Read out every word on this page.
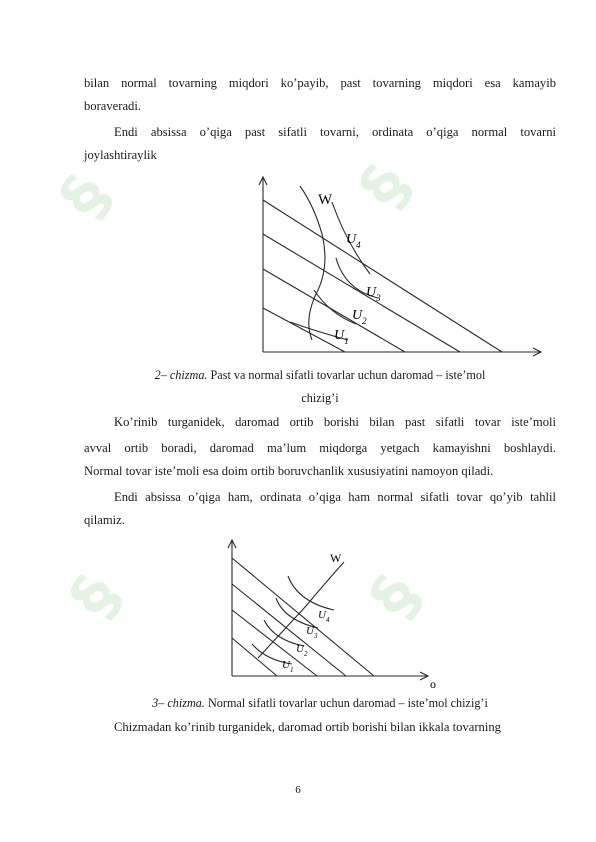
§	§
§	§

bilan normal tovarning miqdori ko’payib, past tovarning miqdori esa kamayib

boraveradi.

Endi absissa o’qiga past sifatli tovarni, ordinata o’qiga normal tovarni

joylashtiraylik

W
$U_4$
$U_3$
$U_2$
$U_1$

2– chizma. Past va normal sifatli tovarlar uchun daromad – iste’mol

chizig’i

Ko’rinib turganidek, daromad ortib borishi bilan past sifatli tovar iste’moli

avval ortib boradi, daromad ma’lum miqdorga yetgach kamayishni boshlaydi.

Normal tovar iste’moli esa doim ortib boruvchanlik xususiyatini namoyon qiladi.

Endi absissa o’qiga ham, ordinata o’qiga ham normal sifatli tovar qo’yib tahlil

qilamiz.

W
o
$U_4$
$U_3$
$U_2$
$U_1$

3– chizma. Normal sifatli tovarlar uchun daromad – iste’mol chizig’i

Chizmadan ko’rinib turganidek, daromad ortib borishi bilan ikkala tovarning

6
